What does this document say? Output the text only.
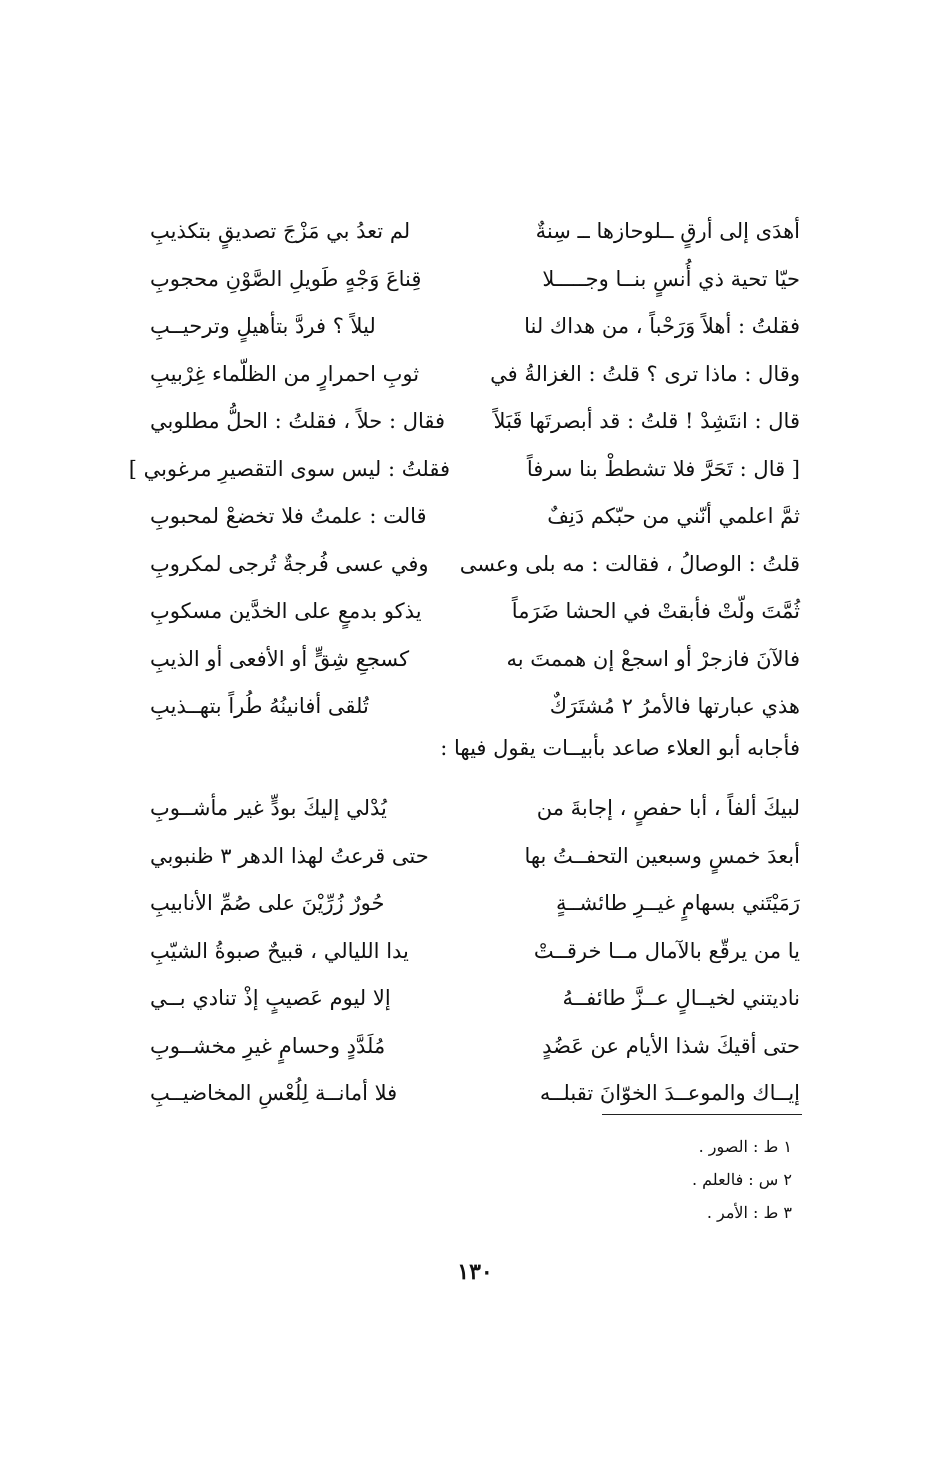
أهدَى إلى أرقٍ ــلوحازها ــ سِنةٌ
لم تعدُ بي مَزْجَ تصديقٍ بتكذيبِ
حيّا تحية ذي أُنسٍ بنــا وجـــــلا
قِناعَ وَجْهٍ طَويلِ الصَّوْنِ محجوبِ
فقلتُ : أهلاً وَرَحْباً ، من هداك لنا
ليلاً ؟ فردَّ بتأهيلٍ وترحيــبِ
وقال : ماذا ترى ؟ قلتُ : الغزالةُ في
ثوبِ احمرارٍ من الظلّماء غِرْبيبِ
قال : انتَشِدْ ! قلتُ : قد أبصرتَها قَبَلاً
فقال : حلاً ، فقلتُ : الحلُّ مطلوبي
[ قال : تَحَرَّ فلا تشططْ بنا سرفاً
فقلتُ : ليس سوى التقصيرِ مرغوبي ]
ثمَّ اعلمي أنّني من حبّكم دَنِفٌ
قالت : علمتُ فلا تخضعْ لمحبوبِ
قلتُ : الوصالُ ، فقالت : مه بلى وعسى
وفي عسى فُرجةٌ تُرجى لمكروبِ
ثُمَّتَ ولّتْ فأبقتْ في الحشا ضَرَماً
يذكو بدمعٍ على الخدَّين مسكوبِ
فالآنَ فازجرْ أو اسجعْ إن هممتَ به
كسجعِ شِقٍّ أو الأفعى أو الذيبِ
هذي عبارتها فالأمرُ ٢ مُشتَرَكٌ
تُلقى أفانينُهُ طُراً بتهــذيبِ
فأجابه أبو العلاء صاعد بأبيــات يقول فيها :
لبيكَ ألفاً ، أبا حفصٍ ، إجابةَ من
يُدْلي إليكَ بودٍّ غير مأشــوبِ
أبعدَ خمسٍ وسبعين التحفــتُ بها
حتى قرعتُ لهذا الدهر ٣ ظنبوبي
رَمَيْتَني بسهامٍ غيــرِ طائشــةٍ
حُورٌ زُرِّيْنَ على صُمِّ الأنابيبِ
يا من يرقّع بالآمال مــا خرقــتْ
يدا الليالي ، قبيحٌ صبوةُ الشيّبِ
ناديتني لخيــالٍ عــزَّ طائفــهُ
إلا ليوم عَصيبٍ إذْ تنادي بــي
حتى أقيكَ شذا الأيام عن عَضُدٍ
مُلَدَّدٍ وحسامٍ غيرِ مخشــوبِ
إيــاك والموعــدَ الخوّانَ تقبلــه
فلا أمانــة لِلُعْسِ المخاضيــبِ
١ ط : الصور .
٢ س : فالعلم .
٣ ط : الأمر .
١٣٠
